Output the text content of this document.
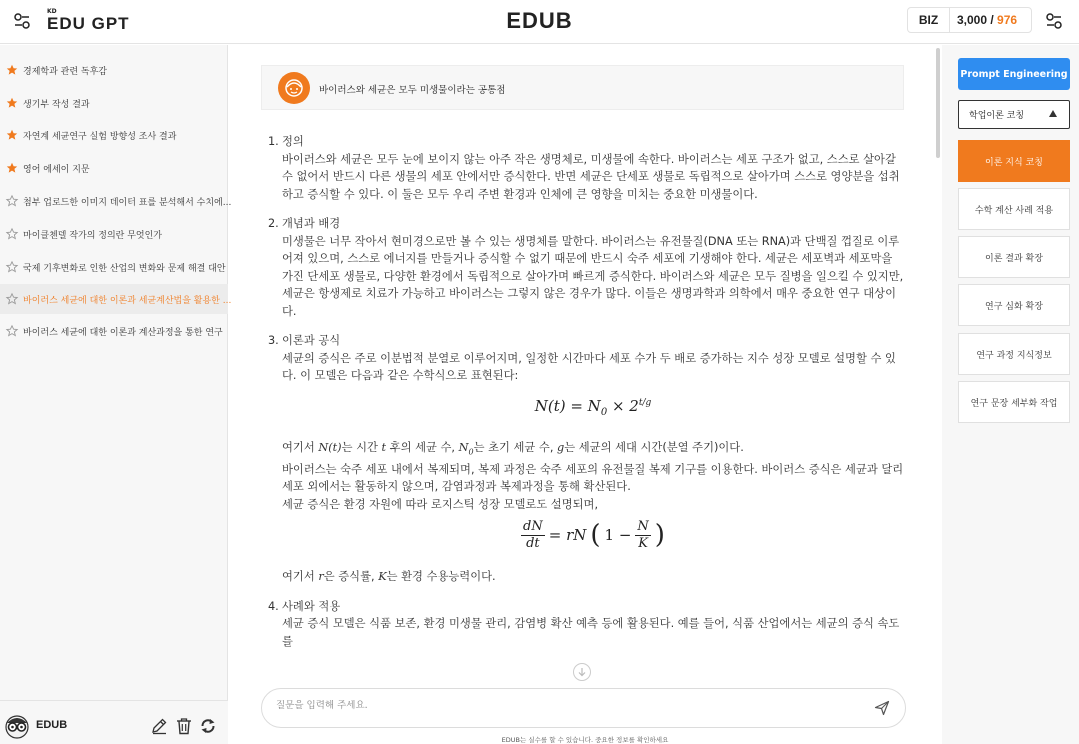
KD
EDU GPT	EDUB	BIZ	3,000 / 976
경제학과 관련 독후감
생기부 작성 결과
자연계 세균연구 실험 방향성 조사 결과
영어 에세이 지문
첨부 업로드한 이미지 데이터 표를 분석해서 수치에...
마이클첸델 작가의 정의란 무엇인가
국제 기후변화로 인한 산업의 변화와 문제 해결 대안
바이러스 세균에 대한 이론과 세균계산법을 활용한 ...
바이러스 세균에 대한 이론과 계산과정을 통한 연구
EDUB
바이러스와 세균은 모두 미생물이라는 공통점
1. 정의
바이러스와 세균은 모두 눈에 보이지 않는 아주 작은 생명체로, 미생물에 속한다. 바이러스는 세포 구조가 없고, 스스로 살아갈 수 없어서 반드시 다른 생물의 세포 안에서만 증식한다. 반면 세균은 단세포 생물로 독립적으로 살아가며 스스로 영양분을 섭취하고 증식할 수 있다. 이 둘은 모두 우리 주변 환경과 인체에 큰 영향을 미치는 중요한 미생물이다.
2. 개념과 배경
미생물은 너무 작아서 현미경으로만 볼 수 있는 생명체를 말한다. 바이러스는 유전물질(DNA 또는 RNA)과 단백질 껍질로 이루어져 있으며, 스스로 에너지를 만들거나 증식할 수 없기 때문에 반드시 숙주 세포에 기생해야 한다. 세균은 세포벽과 세포막을 가진 단세포 생물로, 다양한 환경에서 독립적으로 살아가며 빠르게 증식한다. 바이러스와 세균은 모두 질병을 일으킬 수 있지만, 세균은 항생제로 치료가 가능하고 바이러스는 그렇지 않은 경우가 많다. 이들은 생명과학과 의학에서 매우 중요한 연구 대상이다.
3. 이론과 공식
세균의 증식은 주로 이분법적 분열로 이루어지며, 일정한 시간마다 세포 수가 두 배로 증가하는 지수 성장 모델로 설명할 수 있다. 이 모델은 다음과 같은 수학식으로 표현된다:
$N(t) = N_0 \times 2^{t/g}$
여기서 N(t)는 시간 t 후의 세균 수, $N_0$는 초기 세균 수, g는 세균의 세대 시간(분열 주기)이다.
바이러스는 숙주 세포 내에서 복제되며, 복제 과정은 숙주 세포의 유전물질 복제 기구를 이용한다. 바이러스 증식은 세균과 달리 세포 외에서는 활동하지 않으며, 감염과정과 복제과정을 통해 확산된다.
세균 증식은 환경 자원에 따라 로지스틱 성장 모델로도 설명되며,
$\frac{dN}{dt}$ = rN ( $1 - \frac{N}{K}$ )
여기서 r은 증식률, K는 환경 수용능력이다.
4. 사례와 적용
세균 증식 모델은 식품 보존, 환경 미생물 관리, 감염병 확산 예측 등에 활용된다. 예를 들어, 식품 산업에서는 세균의 증식 속도를
질문을 입력해 주세요.
EDUB는 실수를 할 수 있습니다. 중요한 정보를 확인하세요
Prompt Engineering
학업이론 코칭
이론 지식 코칭
수학 계산 사례 적용
이론 결과 확장
연구 심화 확장
연구 과정 지식정보
연구 문장 세부화 작업
